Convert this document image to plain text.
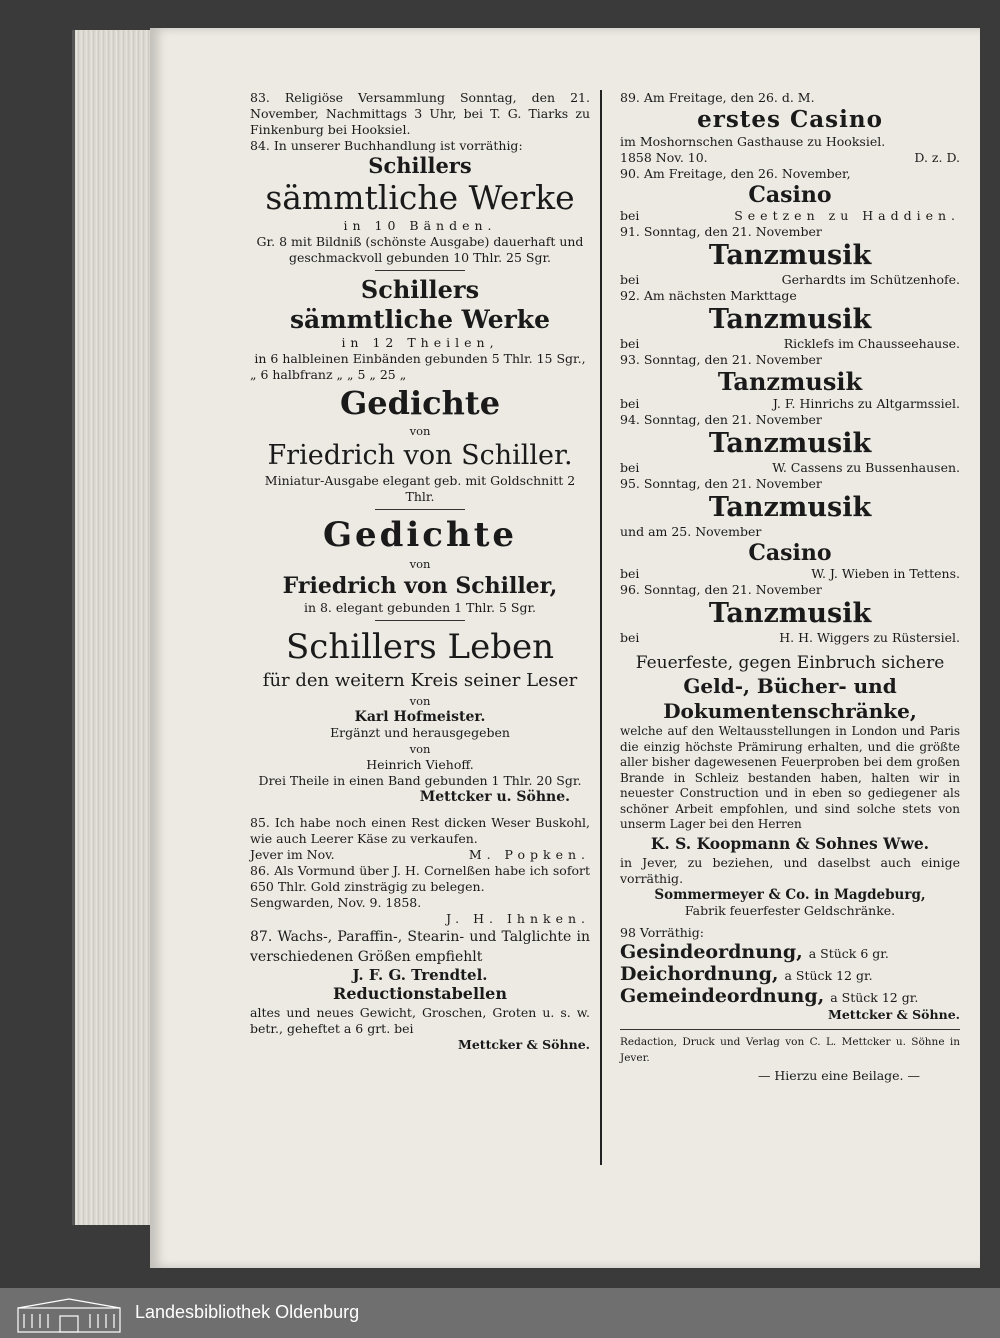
83. Religiöse Versammlung Sonntag, den 21. November, Nachmittags 3 Uhr, bei T. G. Tiarks zu Finkenburg bei Hooksiel.

84. In unserer Buchhandlung ist vorräthig:

Schillers

sämmtliche Werke

in 10 Bänden.

Gr. 8 mit Bildniß (schönste Ausgabe) dauerhaft und geschmackvoll gebunden 10 Thlr. 25 Sgr.

Schillers

sämmtliche Werke

in 12 Theilen,

in 6 halbleinen Einbänden gebunden 5 Thlr. 15 Sgr.,

„ 6 halbfranz „ „ 5 „ 25 „

Gedichte

von

Friedrich von Schiller.

Miniatur-Ausgabe elegant geb. mit Goldschnitt 2 Thlr.

Gedichte

von

Friedrich von Schiller,

in 8. elegant gebunden 1 Thlr. 5 Sgr.

Schillers Leben

für den weitern Kreis seiner Leser

von

Karl Hofmeister.

Ergänzt und herausgegeben

von

Heinrich Viehoff.

Drei Theile in einen Band gebunden 1 Thlr. 20 Sgr.

Mettcker u. Söhne.

85. Ich habe noch einen Rest dicken Weser Buskohl, wie auch Leerer Käse zu verkaufen.

Jever im Nov.	M. Popken.

86. Als Vormund über J. H. Cornelßen habe ich sofort 650 Thlr. Gold zinsträgig zu belegen.

Sengwarden, Nov. 9. 1858.

J. H. Ihnken.

87. Wachs-, Paraffin-, Stearin- und Talglichte in verschiedenen Größen empfiehlt

J. F. G. Trendtel.

Reductionstabellen

altes und neues Gewicht, Groschen, Groten u. s. w. betr., geheftet a 6 grt. bei

Mettcker & Söhne.

89. Am Freitage, den 26. d. M.

erstes Casino

im Moshornschen Gasthause zu Hooksiel.

1858 Nov. 10.	D. z. D.

90. Am Freitage, den 26. November,

Casino

bei	Seetzen zu Haddien.

91. Sonntag, den 21. November

Tanzmusik

bei	Gerhardts im Schützenhofe.

92. Am nächsten Markttage

Tanzmusik

bei	Ricklefs im Chausseehause.

93. Sonntag, den 21. November

Tanzmusik

bei	J. F. Hinrichs zu Altgarmssiel.

94. Sonntag, den 21. November

Tanzmusik

bei	W. Cassens zu Bussenhausen.

95. Sonntag, den 21. November

Tanzmusik

und am 25. November

Casino

bei	W. J. Wieben in Tettens.

96. Sonntag, den 21. November

Tanzmusik

bei	H. H. Wiggers zu Rüstersiel.

Feuerfeste, gegen Einbruch sichere

Geld-, Bücher- und Dokumentenschränke,

welche auf den Weltausstellungen in London und Paris die einzig höchste Prämirung erhalten, und die größte aller bisher dagewesenen Feuerproben bei dem großen Brande in Schleiz bestanden haben, halten wir in neuester Construction und in eben so gediegener als schöner Arbeit empfohlen, und sind solche stets von unserm Lager bei den Herren

K. S. Koopmann & Sohnes Wwe.

in Jever, zu beziehen, und daselbst auch einige vorräthig.

Sommermeyer & Co. in Magdeburg,

Fabrik feuerfester Geldschränke.

98 Vorräthig:

Gesindeordnung, a Stück 6 gr.
Deichordnung, a Stück 12 gr.
Gemeindeordnung, a Stück 12 gr.

Mettcker & Söhne.

Redaction, Druck und Verlag von C. L. Mettcker u. Söhne in Jever.

— Hierzu eine Beilage. —

Landesbibliothek Oldenburg
